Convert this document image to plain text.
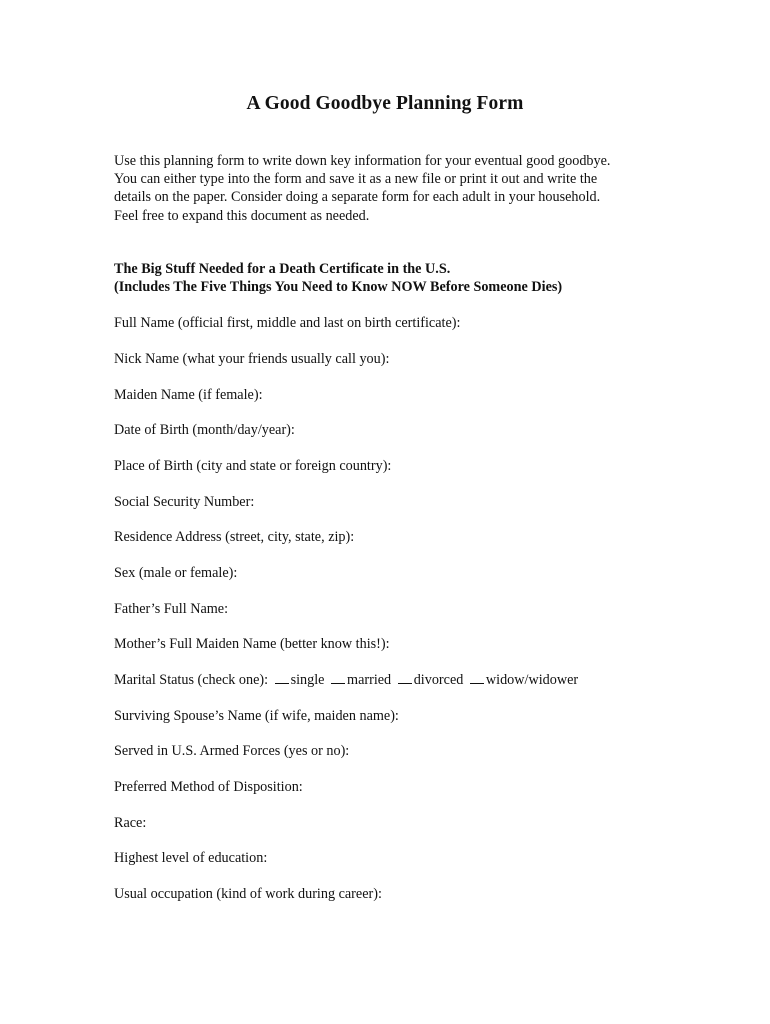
A Good Goodbye Planning Form
Use this planning form to write down key information for your eventual good goodbye.
You can either type into the form and save it as a new file or print it out and write the
details on the paper. Consider doing a separate form for each adult in your household.
Feel free to expand this document as needed.
The Big Stuff Needed for a Death Certificate in the U.S.
(Includes The Five Things You Need to Know NOW Before Someone Dies)
Full Name (official first, middle and last on birth certificate):
Nick Name (what your friends usually call you):
Maiden Name (if female):
Date of Birth (month/day/year):
Place of Birth (city and state or foreign country):
Social Security Number:
Residence Address (street, city, state, zip):
Sex (male or female):
Father’s Full Name:
Mother’s Full Maiden Name (better know this!):
Marital Status (check one): single married divorced widow/widower
Surviving Spouse’s Name (if wife, maiden name):
Served in U.S. Armed Forces (yes or no):
Preferred Method of Disposition:
Race:
Highest level of education:
Usual occupation (kind of work during career):
